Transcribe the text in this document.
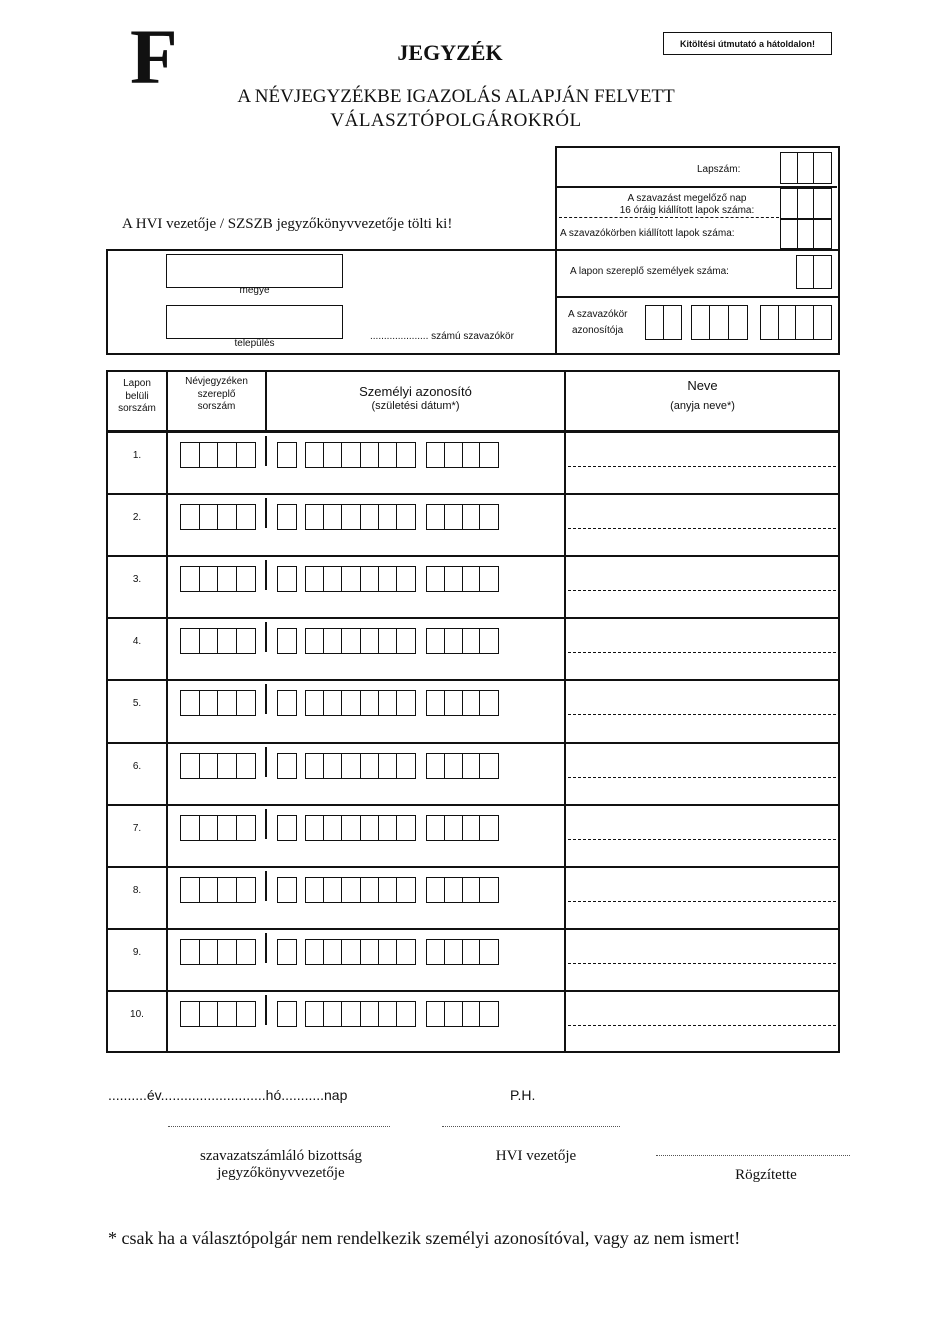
F	JEGYZÉK
A NÉVJEGYZÉKBE IGAZOLÁS ALAPJÁN FELVETT
VÁLASZTÓPOLGÁROKRÓL
Kitöltési útmutató a hátoldalon!
A HVI vezetője / SZSZB jegyzőkönyvvezetője tölti ki!
Lapszám:
A szavazást megelőző nap
16 óráig kiállított lapok száma:
A szavazókörben kiállított lapok száma:
megye
település
..................... számú szavazókör
A lapon szereplő személyek száma:
A szavazókör
azonosítója
Lapon
belüli
sorszám
Névjegyzéken
szereplő
sorszám
Személyi azonosító
(születési dátum*)
Neve
(anyja neve*)
1.
2.
3.
4.
5.
6.
7.
8.
9.
10.
..........év...........................hó...........nap	P.H.
szavazatszámláló bizottság
jegyzőkönyvvezetője
HVI vezetője
Rögzítette
* csak ha a választópolgár nem rendelkezik személyi azonosítóval, vagy az nem ismert!
